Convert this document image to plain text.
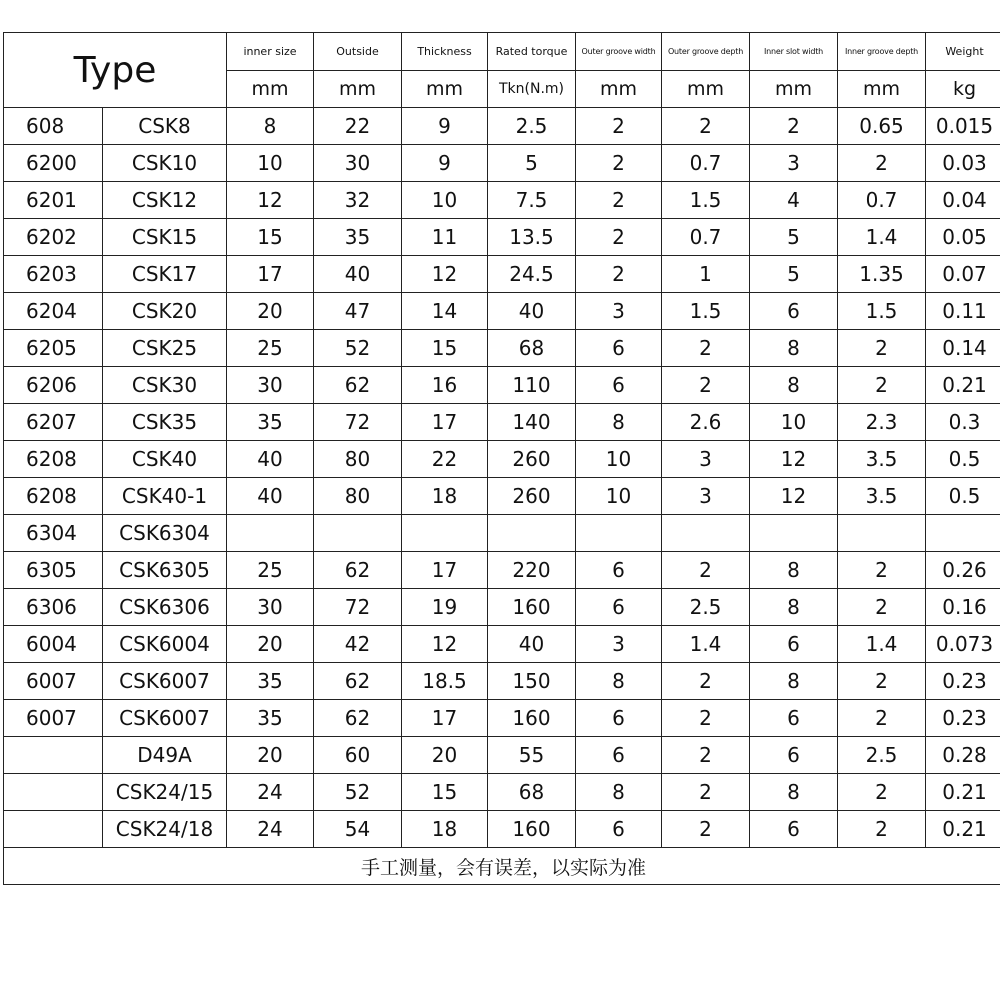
Type		inner size	Outside	Thickness	Rated torque	Outer groove width	Outer groove depth	Inner slot width	Inner groove depth	Weight
		mm	mm	mm	Tkn(N.m)	mm	mm	mm	mm	kg
608	CSK8	8	22	9	2.5	2	2	2	0.65	0.015
6200	CSK10	10	30	9	5	2	0.7	3	2	0.03
6201	CSK12	12	32	10	7.5	2	1.5	4	0.7	0.04
6202	CSK15	15	35	11	13.5	2	0.7	5	1.4	0.05
6203	CSK17	17	40	12	24.5	2	1	5	1.35	0.07
6204	CSK20	20	47	14	40	3	1.5	6	1.5	0.11
6205	CSK25	25	52	15	68	6	2	8	2	0.14
6206	CSK30	30	62	16	110	6	2	8	2	0.21
6207	CSK35	35	72	17	140	8	2.6	10	2.3	0.3
6208	CSK40	40	80	22	260	10	3	12	3.5	0.5
6208	CSK40-1	40	80	18	260	10	3	12	3.5	0.5
6304	CSK6304									
6305	CSK6305	25	62	17	220	6	2	8	2	0.26
6306	CSK6306	30	72	19	160	6	2.5	8	2	0.16
6004	CSK6004	20	42	12	40	3	1.4	6	1.4	0.073
6007	CSK6007	35	62	18.5	150	8	2	8	2	0.23
6007	CSK6007	35	62	17	160	6	2	6	2	0.23
	D49A	20	60	20	55	6	2	6	2.5	0.28
	CSK24/15	24	52	15	68	8	2	8	2	0.21
	CSK24/18	24	54	18	160	6	2	6	2	0.21
手工测量，会有误差，以实际为准										
